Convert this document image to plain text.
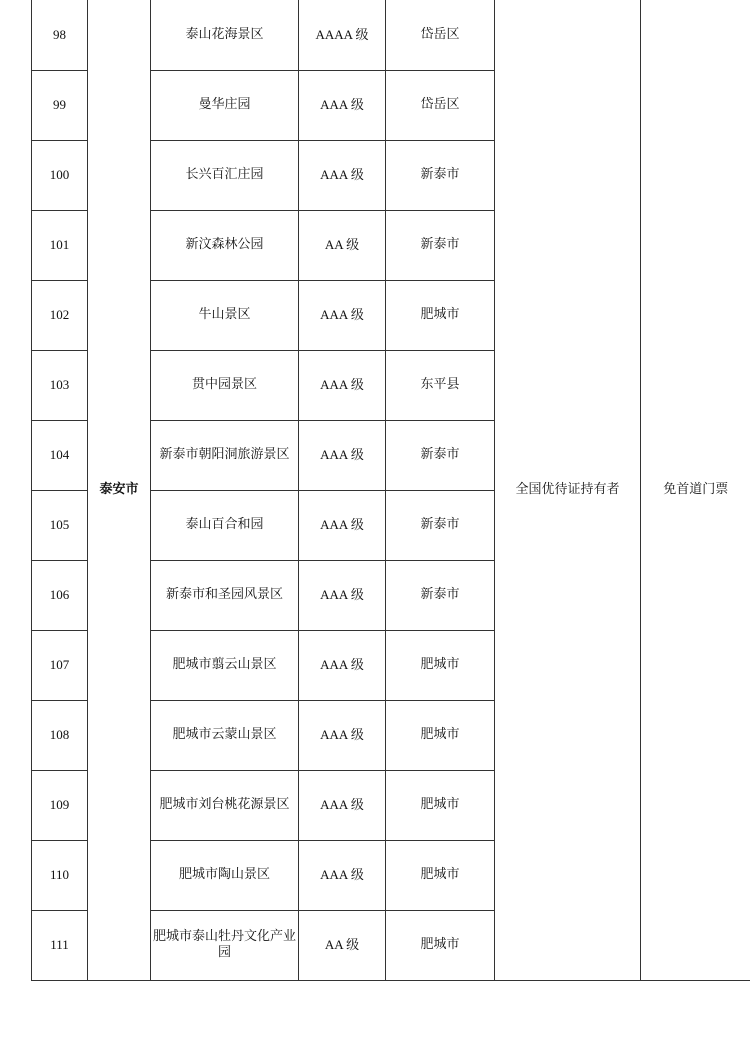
98	泰安市	泰山花海景区	AAAA 级	岱岳区	全国优待证持有者	免首道门票
99		曼华庄园	AAA 级	岱岳区		
100		长兴百汇庄园	AAA 级	新泰市		
101		新汶森林公园	AA 级	新泰市		
102		牛山景区	AAA 级	肥城市		
103		贯中园景区	AAA 级	东平县		
104		新泰市朝阳洞旅游景区	AAA 级	新泰市		
105		泰山百合和园	AAA 级	新泰市		
106		新泰市和圣园风景区	AAA 级	新泰市		
107		肥城市翦云山景区	AAA 级	肥城市		
108		肥城市云蒙山景区	AAA 级	肥城市		
109		肥城市刘台桃花源景区	AAA 级	肥城市		
110		肥城市陶山景区	AAA 级	肥城市		
111		肥城市泰山牡丹文化产业园	AA 级	肥城市		
